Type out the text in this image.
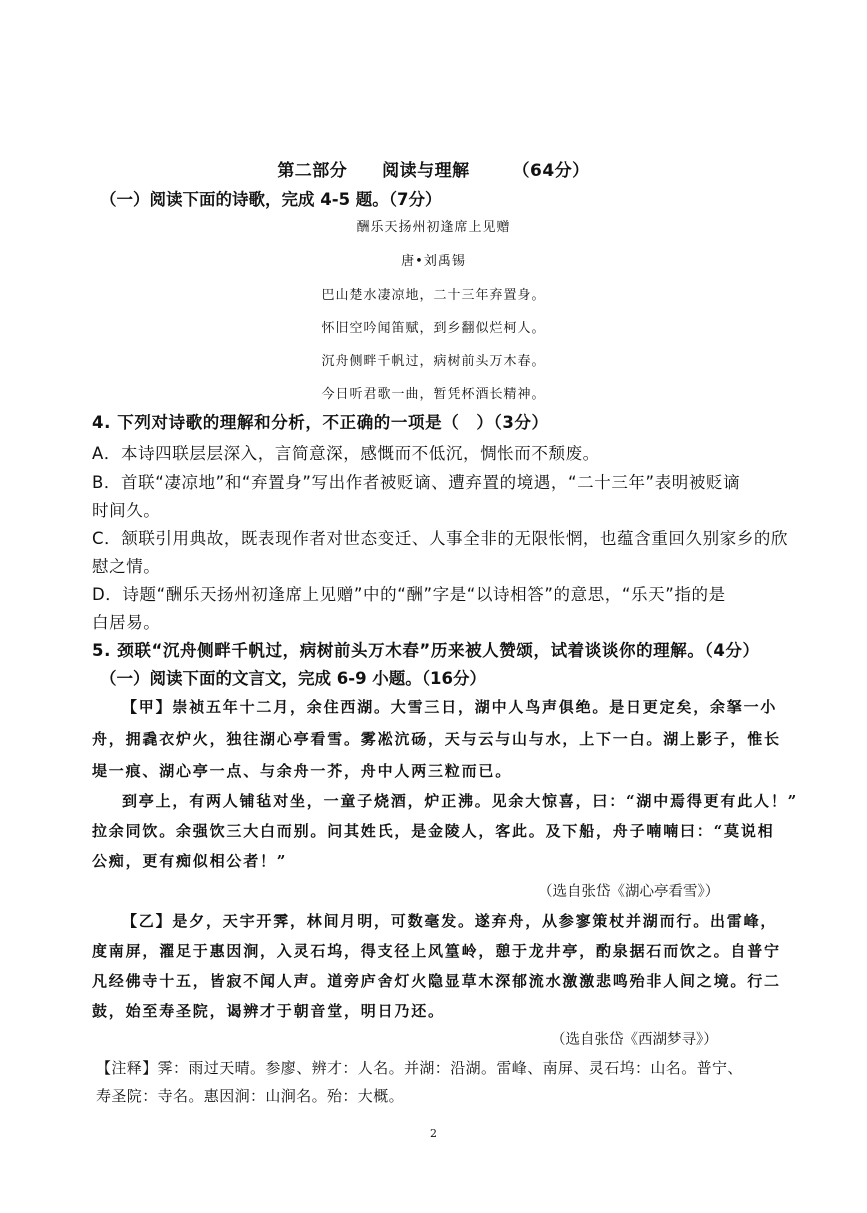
第二部分 阅读与理解	（64分）
（一）阅读下面的诗歌，完成 4-5 题。（7分）
酬乐天扬州初逢席上见赠
唐•刘禹锡
巴山楚水凄凉地，二十三年弃置身。
怀旧空吟闻笛赋，到乡翻似烂柯人。
沉舟侧畔千帆过，病树前头万木春。
今日听君歌一曲，暂凭杯酒长精神。
4. 下列对诗歌的理解和分析，不正确的一项是（　）（3分）
A．本诗四联层层深入，言简意深，感慨而不低沉，惆怅而不颓废。
B．首联“凄凉地”和“弃置身”写出作者被贬谪、遭弃置的境遇，“二十三年”表明被贬谪
时间久。
C．颔联引用典故，既表现作者对世态变迁、人事全非的无限怅惘，也蕴含重回久别家乡的欣
慰之情。
D．诗题“酬乐天扬州初逢席上见赠”中的“酬”字是“以诗相答”的意思，“乐天”指的是
白居易。
5. 颈联“沉舟侧畔千帆过，病树前头万木春”历来被人赞颂，试着谈谈你的理解。（4分）
（一）阅读下面的文言文，完成 6-9 小题。（16分）
【甲】崇祯五年十二月，余住西湖。大雪三日，湖中人鸟声俱绝。是日更定矣，余拏一小
舟，拥毳衣炉火，独往湖心亭看雪。雾凇沆砀，天与云与山与水，上下一白。湖上影子，惟长
堤一痕、湖心亭一点、与余舟一芥，舟中人两三粒而已。
到亭上，有两人铺毡对坐，一童子烧酒，炉正沸。见余大惊喜，曰：“湖中焉得更有此人！”
拉余同饮。余强饮三大白而别。问其姓氏，是金陵人，客此。及下船，舟子喃喃曰：“莫说相
公痴，更有痴似相公者！”
（选自张岱《湖心亭看雪》）
【乙】是夕，天宇开霁，林间月明，可数毫发。遂弃舟，从参寥策杖并湖而行。出雷峰，
度南屏，濯足于惠因涧，入灵石坞，得支径上风篁岭，憩于龙井亭，酌泉据石而饮之。自普宁
凡经佛寺十五，皆寂不闻人声。道旁庐舍灯火隐显草木深郁流水激激悲鸣殆非人间之境。行二
鼓，始至寿圣院，谒辨才于朝音堂，明日乃还。
（选自张岱《西湖梦寻》）
【注释】霁：雨过天晴。参廖、辨才：人名。并湖：沿湖。雷峰、南屏、灵石坞：山名。普宁、
寿圣院：寺名。惠因涧：山涧名。殆：大概。
2
